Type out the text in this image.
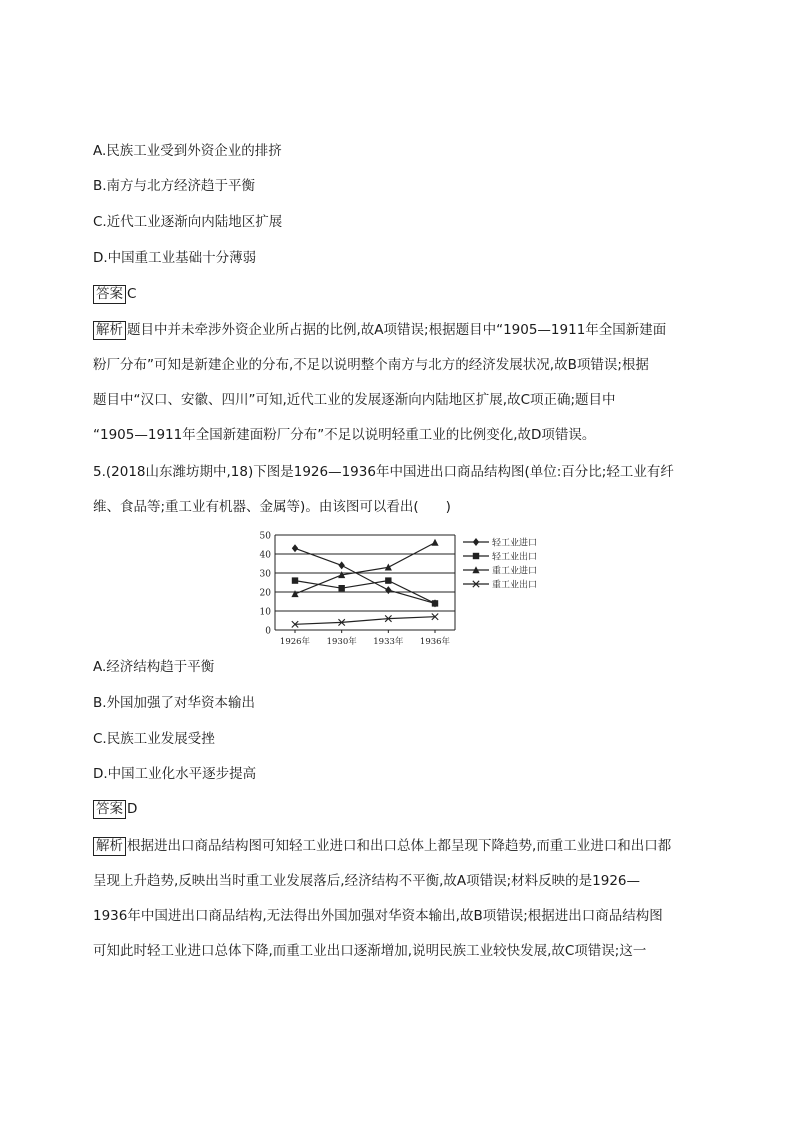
A.民族工业受到外资企业的排挤
B.南方与北方经济趋于平衡
C.近代工业逐渐向内陆地区扩展
D.中国重工业基础十分薄弱
答案 C
解析 题目中并未牵涉外资企业所占据的比例,故A项错误;根据题目中“1905—1911年全国新建面
粉厂分布”可知是新建企业的分布,不足以说明整个南方与北方的经济发展状况,故B项错误;根据
题目中“汉口、安徽、四川”可知,近代工业的发展逐渐向内陆地区扩展,故C项正确;题目中
“1905—1911年全国新建面粉厂分布”不足以说明轻重工业的比例变化,故D项错误。
5.(2018山东潍坊期中,18)下图是1926—1936年中国进出口商品结构图(单位:百分比;轻工业有纤
维、食品等;重工业有机器、金属等)。由该图可以看出(　　)
0
10
20
30
40
50
1926年 1930年 1933年 1936年
轻工业进口
轻工业出口
重工业进口
重工业出口
A.经济结构趋于平衡
B.外国加强了对华资本输出
C.民族工业发展受挫
D.中国工业化水平逐步提高
答案 D
解析 根据进出口商品结构图可知轻工业进口和出口总体上都呈现下降趋势,而重工业进口和出口都
呈现上升趋势,反映出当时重工业发展落后,经济结构不平衡,故A项错误;材料反映的是1926—
1936年中国进出口商品结构,无法得出外国加强对华资本输出,故B项错误;根据进出口商品结构图
可知此时轻工业进口总体下降,而重工业出口逐渐增加,说明民族工业较快发展,故C项错误;这一
